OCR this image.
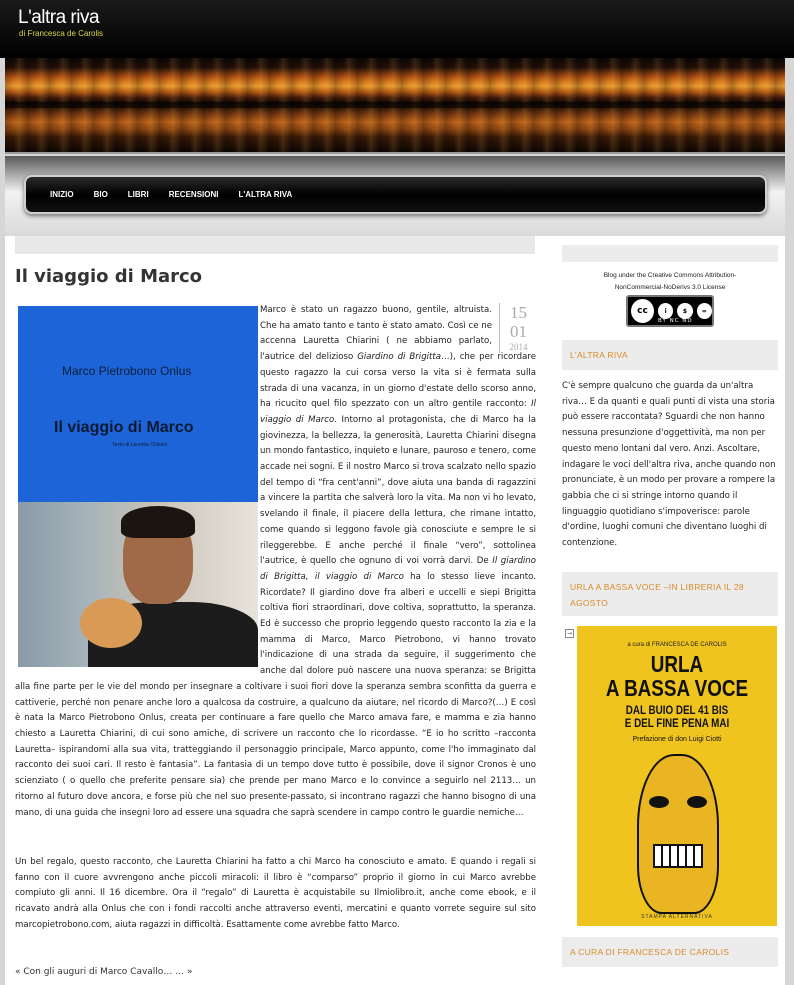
L'altra riva
di Francesca de Carolis
INIZIO	BIO	LIBRI	RECENSIONI	L'ALTRA RIVA
Il viaggio di Marco
Marco è stato un ragazzo buono, gentile, altruista. Che ha amato tanto e tanto è stato amato. Così ce ne accenna Lauretta Chiarini ( ne abbiamo parlato, l'autrice del delizioso Giardino di Brigitta…), che per ricordare questo ragazzo la cui corsa verso la vita si è fermata sulla strada di una vacanza, in un giorno d'estate dello scorso anno, ha ricucito quel filo spezzato con un altro gentile racconto: Il viaggio di Marco. Intorno al protagonista, che di Marco ha la giovinezza, la bellezza, la generosità, Lauretta Chiarini disegna un mondo fantastico, inquieto e lunare, pauroso e tenero, come accade nei sogni. E il nostro Marco si trova scalzato nello spazio del tempo di “fra cent'anni”, dove aiuta una banda di ragazzini a vincere la partita che salverà loro la vita. Ma non vi ho levato, svelando il finale, il piacere della lettura, che rimane intatto, come quando si leggono favole già conosciute e sempre le si rileggerebbe. E anche perché il finale “vero”, sottolinea l'autrice, è quello che ognuno di voi vorrà darvi. De Il giardino di Brigitta, il viaggio di Marco ha lo stesso lieve incanto. Ricordate? Il giardino dove fra alberi e uccelli e siepi Brigitta coltiva fiori straordinari, dove coltiva, soprattutto, la speranza. Ed è successo che proprio leggendo questo racconto la zia e la mamma di Marco, Marco Pietrobono, vi hanno trovato l'indicazione di una strada da seguire, il suggerimento che anche dal dolore può nascere una nuova speranza: se Brigitta alla fine parte per le vie del mondo per insegnare a coltivare i suoi fiori dove la speranza sembra sconfitta da guerra e cattiverie, perché non penare anche loro a qualcosa da costruire, a qualcuno da aiutare, nel ricordo di Marco?(…) E così è nata la Marco Pietrobono Onlus, creata per continuare a fare quello che Marco amava fare, e mamma e zia hanno chiesto a Lauretta Chiarini, di cui sono amiche, di scrivere un racconto che lo ricordasse. “E io ho scritto –racconta Lauretta– ispirandomi alla sua vita, tratteggiando il personaggio principale, Marco appunto, come l'ho immaginato dal racconto dei suoi cari. Il resto è fantasia”. La fantasia di un tempo dove tutto è possibile, dove il signor Cronos è uno scienziato ( o quello che preferite pensare sia) che prende per mano Marco e lo convince a seguirlo nel 2113… un ritorno al futuro dove ancora, e forse più che nel suo presente-passato, si incontrano ragazzi che hanno bisogno di una mano, di una guida che insegni loro ad essere una squadra che saprà scendere in campo contro le guardie nemiche…
Marco Pietrobono Onlus
Il viaggio di Marco
Testo di Lauretta Chiarini
15
01
2014
Un bel regalo, questo racconto, che Lauretta Chiarini ha fatto a chi Marco ha conosciuto e amato. E quando i regali si fanno con il cuore avvrengono anche piccoli miracoli: il libro è “comparso” proprio il giorno in cui Marco avrebbe compiuto gli anni. Il 16 dicembre. Ora il “regalo” di Lauretta è acquistabile su Ilmiolibro.it, anche come ebook, e il ricavato andrà alla Onlus che con i fondi raccolti anche attraverso eventi, mercatini e quanto vorrete seguire sul sito marcopietrobono.com, aiuta ragazzi in difficoltà. Esattamente come avrebbe fatto Marco.
« Con gli auguri di Marco Cavallo… … »
Blog under the Creative Commons Attribution-
NonCommercial-NoDerivs 3.0 License
cc	i	$	=
BY NC ND
L'ALTRA RIVA
C'è sempre qualcuno che guarda da un'altra riva… E da quanti e quali punti di vista una storia può essere raccontata? Sguardi che non hanno nessuna presunzione d'oggettività, ma non per questo meno lontani dal vero. Anzi. Ascoltare, indagare le voci dell'altra riva, anche quando non pronunciate, è un modo per provare a rompere la gabbia che ci si stringe intorno quando il linguaggio quotidiano s'impoverisce: parole d'ordine, luoghi comuni che diventano luoghi di contenzione.
URLA A BASSA VOCE –IN LIBRERIA IL 28 AGOSTO
→
a cura di FRANCESCA DE CAROLIS
URLA
A BASSA VOCE
DAL BUIO DEL 41 BIS
E DEL FINE PENA MAI
Prefazione di don Luigi Ciotti
STAMPA ALTERNATIVA
A CURA DI FRANCESCA DE CAROLIS
